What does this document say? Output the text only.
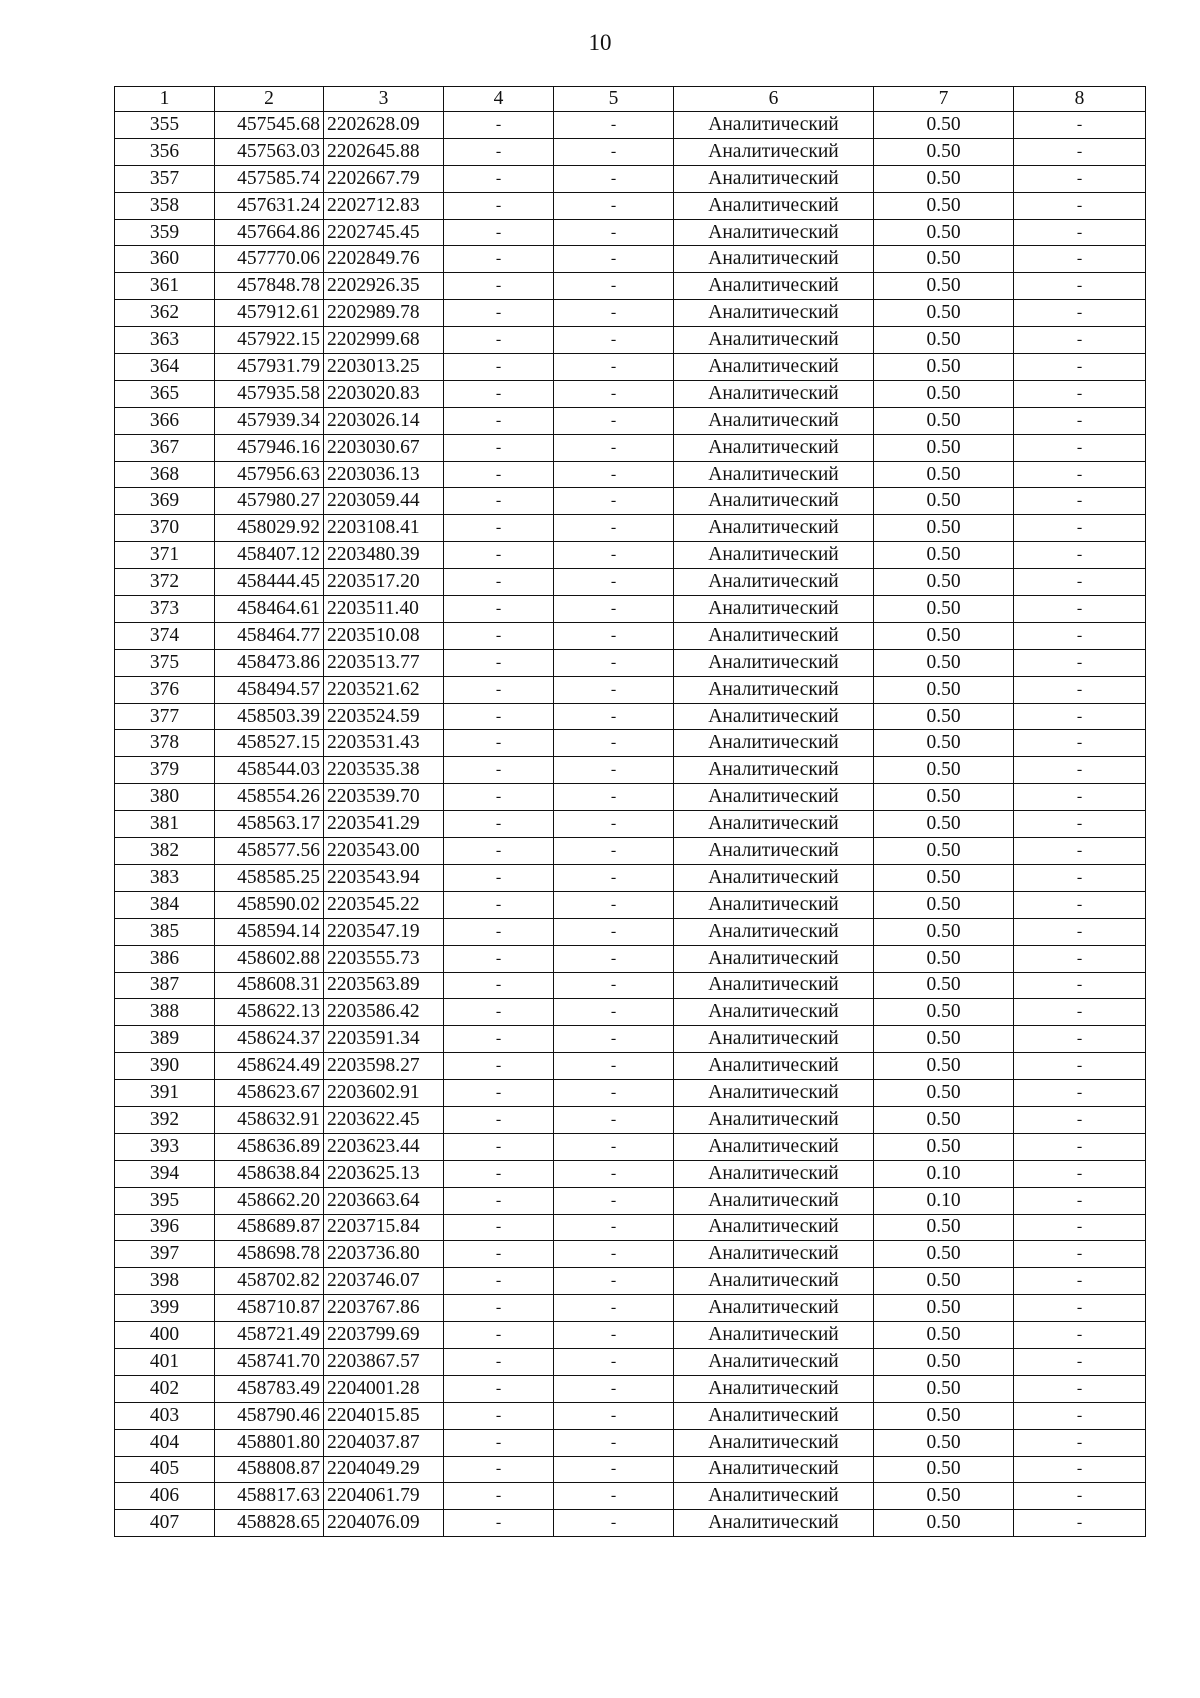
10
1	2	3	4	5	6	7	8
355	457545.68	2202628.09	-	-	Аналитический	0.50	-
356	457563.03	2202645.88	-	-	Аналитический	0.50	-
357	457585.74	2202667.79	-	-	Аналитический	0.50	-
358	457631.24	2202712.83	-	-	Аналитический	0.50	-
359	457664.86	2202745.45	-	-	Аналитический	0.50	-
360	457770.06	2202849.76	-	-	Аналитический	0.50	-
361	457848.78	2202926.35	-	-	Аналитический	0.50	-
362	457912.61	2202989.78	-	-	Аналитический	0.50	-
363	457922.15	2202999.68	-	-	Аналитический	0.50	-
364	457931.79	2203013.25	-	-	Аналитический	0.50	-
365	457935.58	2203020.83	-	-	Аналитический	0.50	-
366	457939.34	2203026.14	-	-	Аналитический	0.50	-
367	457946.16	2203030.67	-	-	Аналитический	0.50	-
368	457956.63	2203036.13	-	-	Аналитический	0.50	-
369	457980.27	2203059.44	-	-	Аналитический	0.50	-
370	458029.92	2203108.41	-	-	Аналитический	0.50	-
371	458407.12	2203480.39	-	-	Аналитический	0.50	-
372	458444.45	2203517.20	-	-	Аналитический	0.50	-
373	458464.61	2203511.40	-	-	Аналитический	0.50	-
374	458464.77	2203510.08	-	-	Аналитический	0.50	-
375	458473.86	2203513.77	-	-	Аналитический	0.50	-
376	458494.57	2203521.62	-	-	Аналитический	0.50	-
377	458503.39	2203524.59	-	-	Аналитический	0.50	-
378	458527.15	2203531.43	-	-	Аналитический	0.50	-
379	458544.03	2203535.38	-	-	Аналитический	0.50	-
380	458554.26	2203539.70	-	-	Аналитический	0.50	-
381	458563.17	2203541.29	-	-	Аналитический	0.50	-
382	458577.56	2203543.00	-	-	Аналитический	0.50	-
383	458585.25	2203543.94	-	-	Аналитический	0.50	-
384	458590.02	2203545.22	-	-	Аналитический	0.50	-
385	458594.14	2203547.19	-	-	Аналитический	0.50	-
386	458602.88	2203555.73	-	-	Аналитический	0.50	-
387	458608.31	2203563.89	-	-	Аналитический	0.50	-
388	458622.13	2203586.42	-	-	Аналитический	0.50	-
389	458624.37	2203591.34	-	-	Аналитический	0.50	-
390	458624.49	2203598.27	-	-	Аналитический	0.50	-
391	458623.67	2203602.91	-	-	Аналитический	0.50	-
392	458632.91	2203622.45	-	-	Аналитический	0.50	-
393	458636.89	2203623.44	-	-	Аналитический	0.50	-
394	458638.84	2203625.13	-	-	Аналитический	0.10	-
395	458662.20	2203663.64	-	-	Аналитический	0.10	-
396	458689.87	2203715.84	-	-	Аналитический	0.50	-
397	458698.78	2203736.80	-	-	Аналитический	0.50	-
398	458702.82	2203746.07	-	-	Аналитический	0.50	-
399	458710.87	2203767.86	-	-	Аналитический	0.50	-
400	458721.49	2203799.69	-	-	Аналитический	0.50	-
401	458741.70	2203867.57	-	-	Аналитический	0.50	-
402	458783.49	2204001.28	-	-	Аналитический	0.50	-
403	458790.46	2204015.85	-	-	Аналитический	0.50	-
404	458801.80	2204037.87	-	-	Аналитический	0.50	-
405	458808.87	2204049.29	-	-	Аналитический	0.50	-
406	458817.63	2204061.79	-	-	Аналитический	0.50	-
407	458828.65	2204076.09	-	-	Аналитический	0.50	-
